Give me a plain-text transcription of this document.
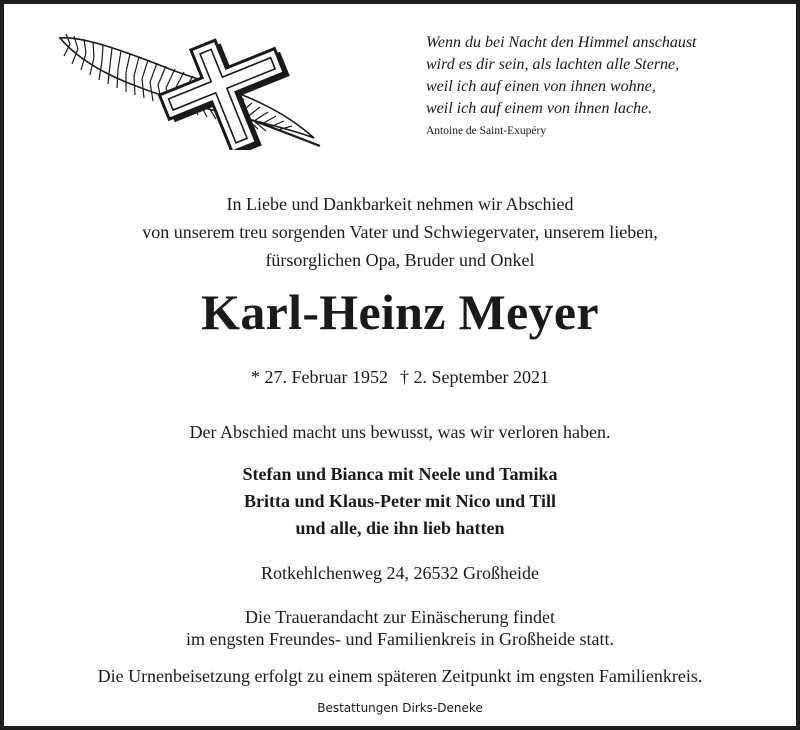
Wenn du bei Nacht den Himmel anschaust
wird es dir sein, als lachten alle Sterne,
weil ich auf einen von ihnen wohne,
weil ich auf einem von ihnen lache.
Antoine de Saint-Exupéry
In Liebe und Dankbarkeit nehmen wir Abschied
von unserem treu sorgenden Vater und Schwiegervater, unserem lieben,
fürsorglichen Opa, Bruder und Onkel
Karl-Heinz Meyer
* 27. Februar 1952 † 2. September 2021
Der Abschied macht uns bewusst, was wir verloren haben.
Stefan und Bianca mit Neele und Tamika
Britta und Klaus-Peter mit Nico und Till
und alle, die ihn lieb hatten
Rotkehlchenweg 24, 26532 Großheide
Die Trauerandacht zur Einäscherung findet
im engsten Freundes- und Familienkreis in Großheide statt.
Die Urnenbeisetzung erfolgt zu einem späteren Zeitpunkt im engsten Familienkreis.
Bestattungen Dirks-Deneke
